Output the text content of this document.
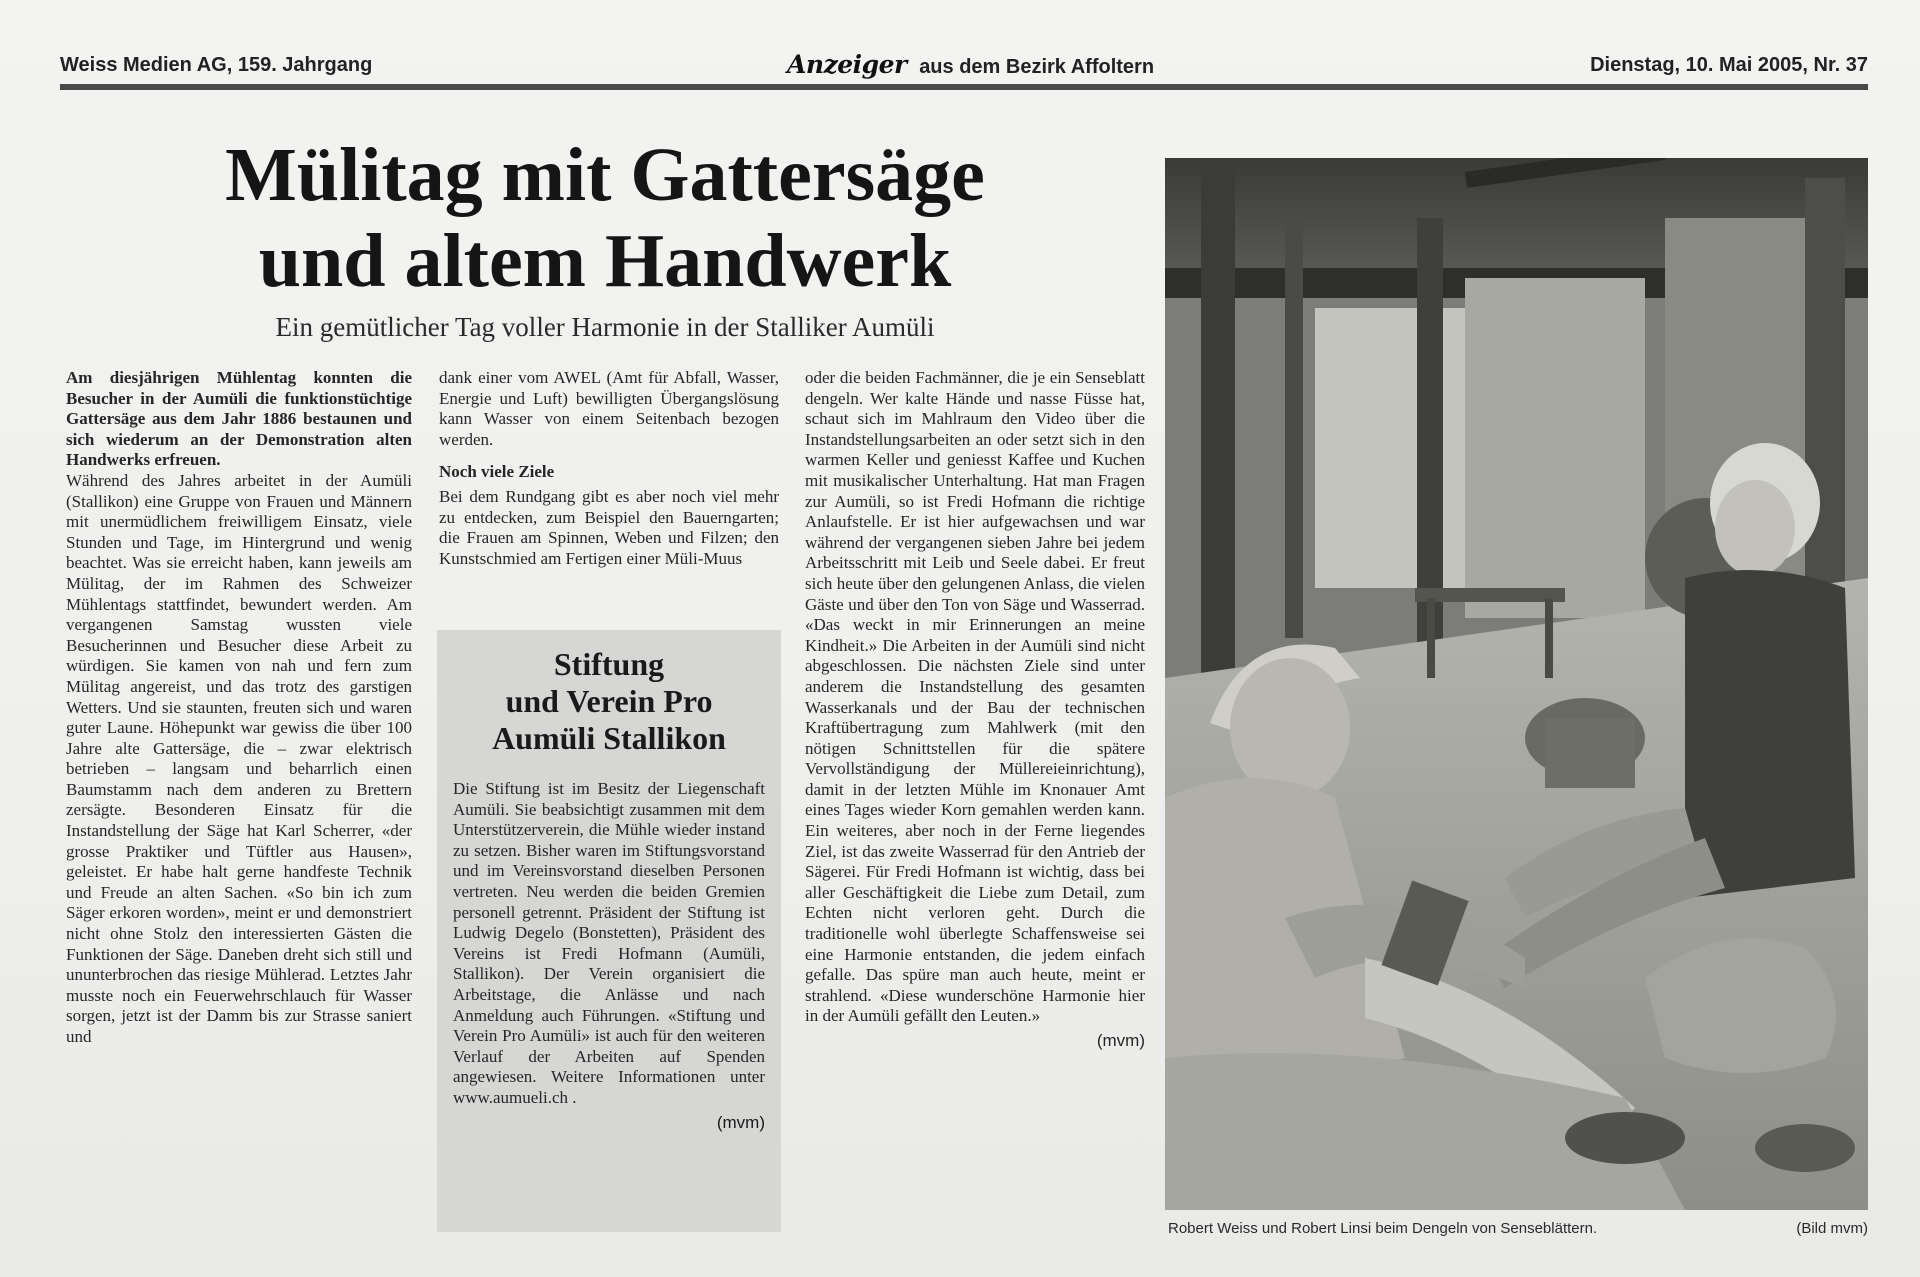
Weiss Medien AG, 159. Jahrgang	Anzeiger aus dem Bezirk Affoltern	Dienstag, 10. Mai 2005, Nr. 37
Mülitag mit Gattersäge
und altem Handwerk
Ein gemütlicher Tag voller Harmonie in der Stalliker Aumüli

Am diesjährigen Mühlentag konnten die Besucher in der Aumüli die funktionstüchtige Gattersäge aus dem Jahr 1886 bestaunen und sich wiederum an der Demonstration alten Handwerks erfreuen.

Während des Jahres arbeitet in der Aumüli (Stallikon) eine Gruppe von Frauen und Männern mit unermüdlichem freiwilligem Einsatz, viele Stunden und Tage, im Hintergrund und wenig beachtet. Was sie erreicht haben, kann jeweils am Mülitag, der im Rahmen des Schweizer Mühlentags stattfindet, bewundert werden. Am vergangenen Samstag wussten viele Besucherinnen und Besucher diese Arbeit zu würdigen. Sie kamen von nah und fern zum Mülitag angereist, und das trotz des garstigen Wetters. Und sie staunten, freuten sich und waren guter Laune. Höhepunkt war gewiss die über 100 Jahre alte Gattersäge, die – zwar elektrisch betrieben – langsam und beharrlich einen Baumstamm nach dem anderen zu Brettern zersägte. Besonderen Einsatz für die Instandstellung der Säge hat Karl Scherrer, «der grosse Praktiker und Tüftler aus Hausen», geleistet. Er habe halt gerne handfeste Technik und Freude an alten Sachen. «So bin ich zum Säger erkoren worden», meint er und demonstriert nicht ohne Stolz den interessierten Gästen die Funktionen der Säge. Daneben dreht sich still und ununterbrochen das riesige Mühlerad. Letztes Jahr musste noch ein Feuerwehrschlauch für Wasser sorgen, jetzt ist der Damm bis zur Strasse saniert und

dank einer vom AWEL (Amt für Abfall, Wasser, Energie und Luft) bewilligten Übergangslösung kann Wasser von einem Seitenbach bezogen werden.

Noch viele Ziele

Bei dem Rundgang gibt es aber noch viel mehr zu entdecken, zum Beispiel den Bauerngarten; die Frauen am Spinnen, Weben und Filzen; den Kunstschmied am Fertigen einer Müli-Muus

Stiftung
und Verein Pro
Aumüli Stallikon
Die Stiftung ist im Besitz der Liegenschaft Aumüli. Sie beabsichtigt zusammen mit dem Unterstützerverein, die Mühle wieder instand zu setzen. Bisher waren im Stiftungsvorstand und im Vereinsvorstand dieselben Personen vertreten. Neu werden die beiden Gremien personell getrennt. Präsident der Stiftung ist Ludwig Degelo (Bonstetten), Präsident des Vereins ist Fredi Hofmann (Aumüli, Stallikon). Der Verein organisiert die Arbeitstage, die Anlässe und nach Anmeldung auch Führungen. «Stiftung und Verein Pro Aumüli» ist auch für den weiteren Verlauf der Arbeiten auf Spenden angewiesen. Weitere Informationen unter www.aumueli.ch .
(mvm)

oder die beiden Fachmänner, die je ein Senseblatt dengeln. Wer kalte Hände und nasse Füsse hat, schaut sich im Mahlraum den Video über die Instandstellungsarbeiten an oder setzt sich in den warmen Keller und geniesst Kaffee und Kuchen mit musikalischer Unterhaltung. Hat man Fragen zur Aumüli, so ist Fredi Hofmann die richtige Anlaufstelle. Er ist hier aufgewachsen und war während der vergangenen sieben Jahre bei jedem Arbeitsschritt mit Leib und Seele dabei. Er freut sich heute über den gelungenen Anlass, die vielen Gäste und über den Ton von Säge und Wasserrad. «Das weckt in mir Erinnerungen an meine Kindheit.» Die Arbeiten in der Aumüli sind nicht abgeschlossen. Die nächsten Ziele sind unter anderem die Instandstellung des gesamten Wasserkanals und der Bau der technischen Kraftübertragung zum Mahlwerk (mit den nötigen Schnittstellen für die spätere Vervollständigung der Müllereieinrichtung), damit in der letzten Mühle im Knonauer Amt eines Tages wieder Korn gemahlen werden kann. Ein weiteres, aber noch in der Ferne liegendes Ziel, ist das zweite Wasserrad für den Antrieb der Sägerei. Für Fredi Hofmann ist wichtig, dass bei aller Geschäftigkeit die Liebe zum Detail, zum Echten nicht verloren geht. Durch die traditionelle wohl überlegte Schaffensweise sei eine Harmonie entstanden, die jedem einfach gefalle. Das spüre man auch heute, meint er strahlend. «Diese wunderschöne Harmonie hier in der Aumüli gefällt den Leuten.»

(mvm)
Robert Weiss und Robert Linsi beim Dengeln von Senseblättern.	(Bild mvm)
